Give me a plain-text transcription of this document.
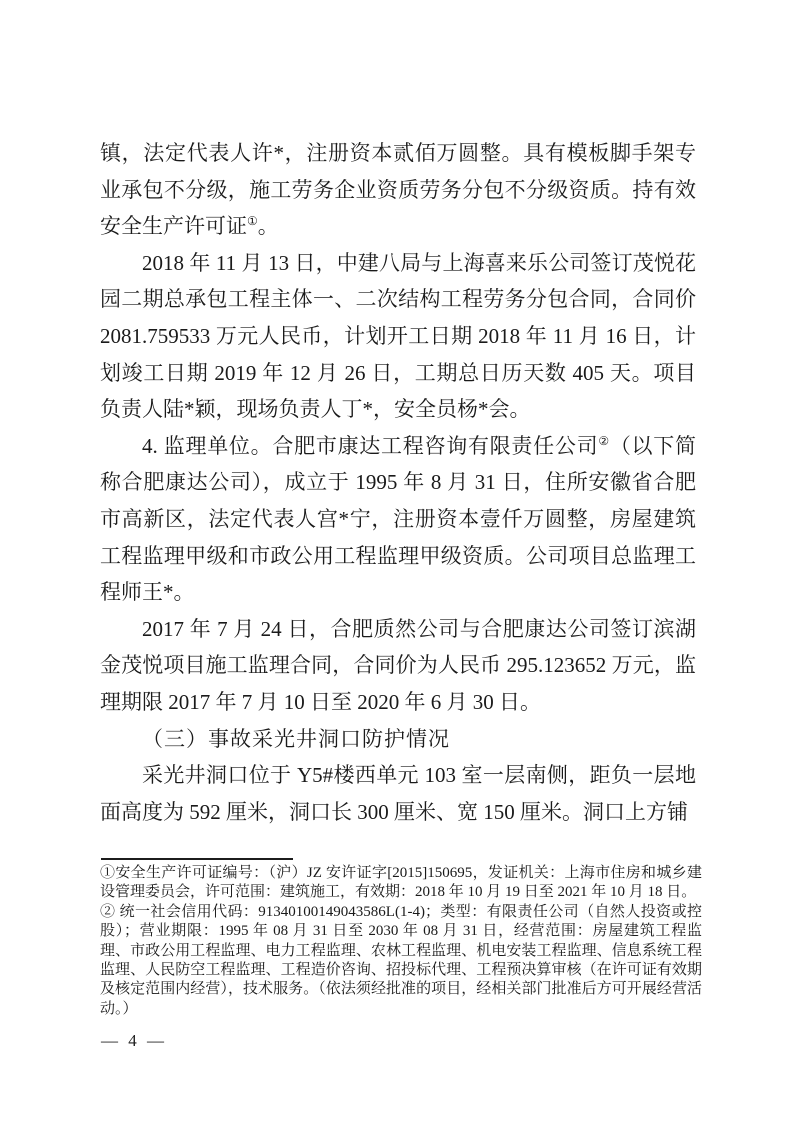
镇，法定代表人许*，注册资本贰佰万圆整。具有模板脚手架专业承包不分级，施工劳务企业资质劳务分包不分级资质。持有效安全生产许可证①。

2018 年 11 月 13 日，中建八局与上海喜来乐公司签订茂悦花园二期总承包工程主体一、二次结构工程劳务分包合同，合同价 2081.759533 万元人民币，计划开工日期 2018 年 11 月 16 日，计划竣工日期 2019 年 12 月 26 日，工期总日历天数 405 天。项目负责人陆*颖，现场负责人丁*，安全员杨*会。

4. 监理单位。合肥市康达工程咨询有限责任公司②（以下简称合肥康达公司），成立于 1995 年 8 月 31 日，住所安徽省合肥市高新区，法定代表人宫*宁，注册资本壹仟万圆整，房屋建筑工程监理甲级和市政公用工程监理甲级资质。公司项目总监理工程师王*。

2017 年 7 月 24 日，合肥质然公司与合肥康达公司签订滨湖金茂悦项目施工监理合同，合同价为人民币 295.123652 万元，监理期限 2017 年 7 月 10 日至 2020 年 6 月 30 日。

（三）事故采光井洞口防护情况

采光井洞口位于 Y5#楼西单元 103 室一层南侧，距负一层地面高度为 592 厘米，洞口长 300 厘米、宽 150 厘米。洞口上方铺

①安全生产许可证编号：（沪）JZ 安许证字[2015]150695，发证机关：上海市住房和城乡建设管理委员会，许可范围：建筑施工，有效期：2018 年 10 月 19 日至 2021 年 10 月 18 日。

② 统一社会信用代码：91340100149043586L(1-4)；类型：有限责任公司（自然人投资或控股）；营业期限：1995 年 08 月 31 日至 2030 年 08 月 31 日，经营范围：房屋建筑工程监理、市政公用工程监理、电力工程监理、农林工程监理、机电安装工程监理、信息系统工程监理、人民防空工程监理、工程造价咨询、招投标代理、工程预决算审核（在许可证有效期及核定范围内经营），技术服务。（依法须经批准的项目，经相关部门批准后方可开展经营活动。）

— 4 —
